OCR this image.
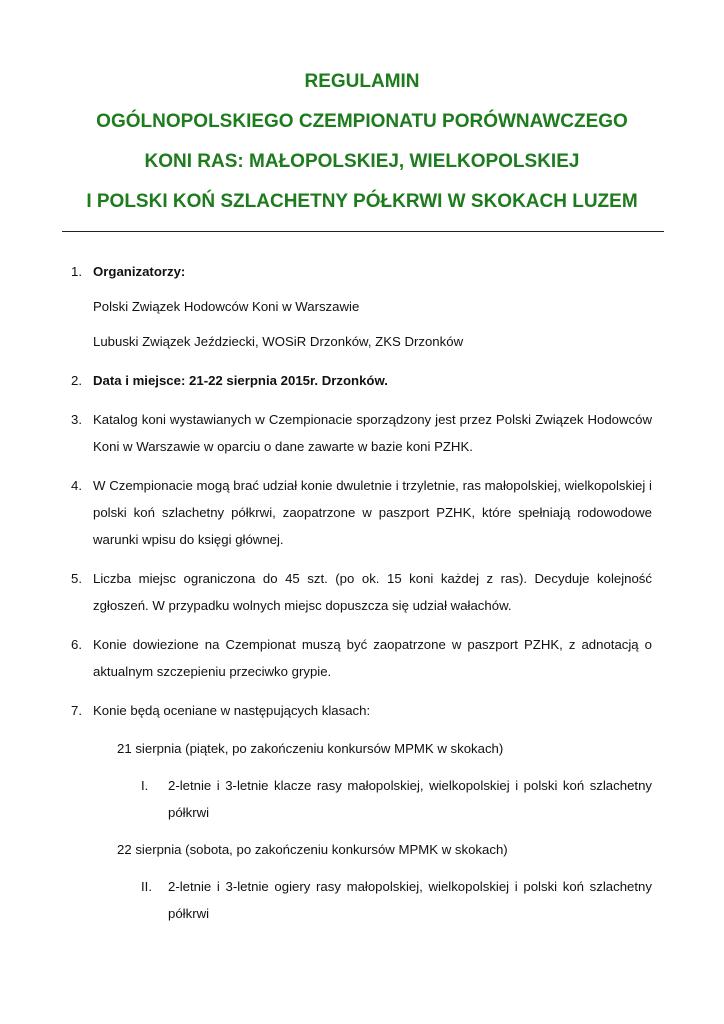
REGULAMIN
OGÓLNOPOLSKIEGO CZEMPIONATU PORÓWNAWCZEGO
KONI RAS: MAŁOPOLSKIEJ, WIELKOPOLSKIEJ
I POLSKI KOŃ SZLACHETNY PÓŁKRWI W SKOKACH LUZEM
1. Organizatorzy:
Polski Związek Hodowców Koni w Warszawie
Lubuski Związek Jeździecki, WOSiR Drzonków, ZKS Drzonków
2. Data i miejsce: 21-22 sierpnia 2015r. Drzonków.
3. Katalog koni wystawianych w Czempionacie sporządzony jest przez Polski Związek Hodowców Koni w Warszawie w oparciu o dane zawarte w bazie koni PZHK.
4. W Czempionacie mogą brać udział konie dwuletnie i trzyletnie, ras małopolskiej, wielkopolskiej i polski koń szlachetny półkrwi, zaopatrzone w paszport PZHK, które spełniają rodowodowe warunki wpisu do księgi głównej.
5. Liczba miejsc ograniczona do 45 szt. (po ok. 15 koni każdej z ras). Decyduje kolejność zgłoszeń. W przypadku wolnych miejsc dopuszcza się udział wałachów.
6. Konie dowiezione na Czempionat muszą być zaopatrzone w paszport PZHK, z adnotacją o aktualnym szczepieniu przeciwko grypie.
7. Konie będą oceniane w następujących klasach:
21 sierpnia (piątek, po zakończeniu konkursów MPMK w skokach)
I. 2-letnie i 3-letnie klacze rasy małopolskiej, wielkopolskiej i polski koń szlachetny półkrwi
22 sierpnia (sobota, po zakończeniu konkursów MPMK w skokach)
II. 2-letnie i 3-letnie ogiery rasy małopolskiej, wielkopolskiej i polski koń szlachetny półkrwi
